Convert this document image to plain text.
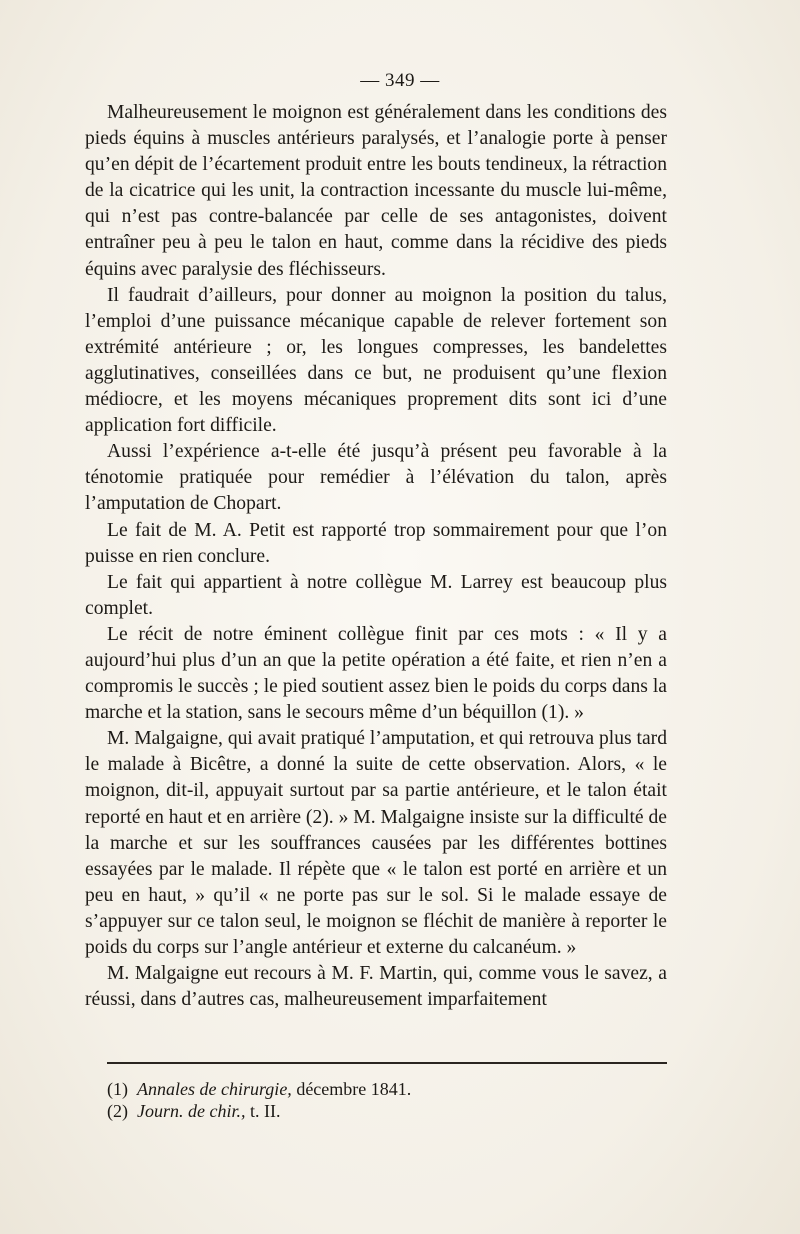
— 349 —

Malheureusement le moignon est généralement dans les conditions des pieds équins à muscles antérieurs paralysés, et l’analogie porte à penser qu’en dépit de l’écartement produit entre les bouts tendineux, la rétraction de la cicatrice qui les unit, la contraction incessante du muscle lui-même, qui n’est pas contre-balancée par celle de ses antagonistes, doivent entraîner peu à peu le talon en haut, comme dans la récidive des pieds équins avec paralysie des fléchisseurs.

Il faudrait d’ailleurs, pour donner au moignon la position du talus, l’emploi d’une puissance mécanique capable de relever fortement son extrémité antérieure ; or, les longues compresses, les bandelettes agglutinatives, conseillées dans ce but, ne produisent qu’une flexion médiocre, et les moyens mécaniques proprement dits sont ici d’une application fort difficile.

Aussi l’expérience a-t-elle été jusqu’à présent peu favorable à la ténotomie pratiquée pour remédier à l’élévation du talon, après l’amputation de Chopart.

Le fait de M. A. Petit est rapporté trop sommairement pour que l’on puisse en rien conclure.

Le fait qui appartient à notre collègue M. Larrey est beaucoup plus complet.

Le récit de notre éminent collègue finit par ces mots : « Il y a aujourd’hui plus d’un an que la petite opération a été faite, et rien n’en a compromis le succès ; le pied soutient assez bien le poids du corps dans la marche et la station, sans le secours même d’un béquillon (1). »

M. Malgaigne, qui avait pratiqué l’amputation, et qui retrouva plus tard le malade à Bicêtre, a donné la suite de cette observation. Alors, « le moignon, dit-il, appuyait surtout par sa partie antérieure, et le talon était reporté en haut et en arrière (2). » M. Malgaigne insiste sur la difficulté de la marche et sur les souffrances causées par les différentes bottines essayées par le malade. Il répète que « le talon est porté en arrière et un peu en haut, » qu’il « ne porte pas sur le sol. Si le malade essaye de s’appuyer sur ce talon seul, le moignon se fléchit de manière à reporter le poids du corps sur l’angle antérieur et externe du calcanéum. »

M. Malgaigne eut recours à M. F. Martin, qui, comme vous le savez, a réussi, dans d’autres cas, malheureusement imparfaitement

(1) Annales de chirurgie, décembre 1841.

(2) Journ. de chir., t. II.
